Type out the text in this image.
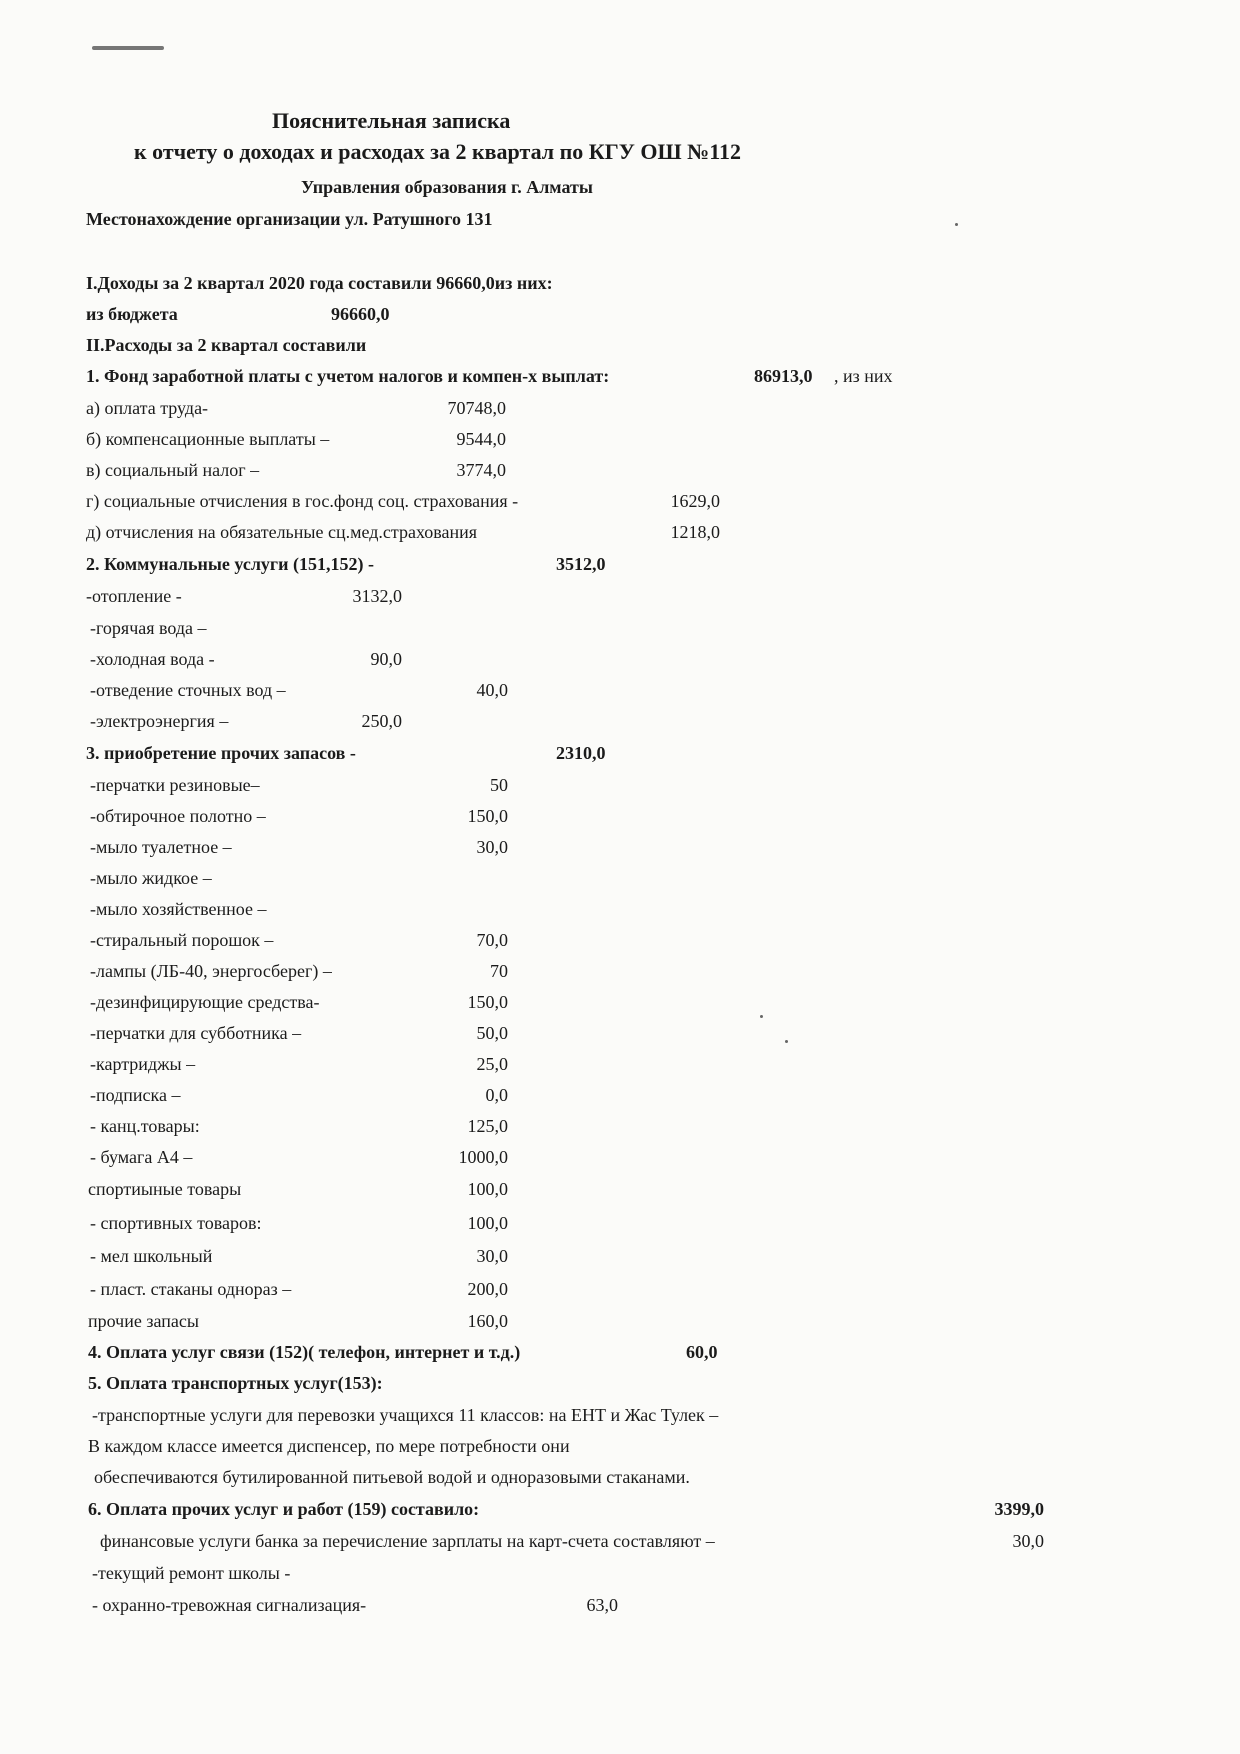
Пояснительная записка
к отчету о доходах и расходах за 2 квартал по КГУ ОШ №112
Управления образования г. Алматы
Местонахождение организации ул. Ратушного 131
I.Доходы за 2 квартал 2020 года составили 96660,0из них:
из бюджета	96660,0
II.Расходы за 2 квартал составили
1. Фонд заработной платы с учетом налогов и компен-х выплат:	86913,0 , из них
а) оплата труда-	70748,0
б) компенсационные выплаты –	9544,0
в) социальный налог –	3774,0
г) социальные отчисления в гос.фонд соц. страхования -	1629,0
д) отчисления на обязательные сц.мед.страхования	1218,0
2. Коммунальные услуги (151,152) -	3512,0
-отопление -	3132,0
-горячая вода –
-холодная вода -	90,0
-отведение сточных вод –	40,0
-электроэнергия –	250,0
3. приобретение прочих запасов -	2310,0
-перчатки резиновые–	50
-обтирочное полотно –	150,0
-мыло туалетное –	30,0
-мыло жидкое –
-мыло хозяйственное –
-стиральный порошок –	70,0
-лампы (ЛБ-40, энергосберег) –	70
-дезинфицирующие средства-	150,0
-перчатки для субботника –	50,0
-картриджы –	25,0
-подписка –	0,0
- канц.товары:	125,0
- бумага А4 –	1000,0
спортиыные товары	100,0
- спортивных товаров:	100,0
- мел школьный	30,0
- пласт. стаканы однораз –	200,0
прочие запасы	160,0
4. Оплата услуг связи (152)( телефон, интернет и т.д.)	60,0
5. Оплата транспортных услуг(153):
-транспортные услуги для перевозки учащихся 11 классов: на ЕНТ и Жас Тулек –
В каждом классе имеется диспенсер, по мере потребности они
обеспечиваются бутилированной питьевой водой и одноразовыми стаканами.
6. Оплата прочих услуг и работ (159) составило:	3399,0
финансовые услуги банка за перечисление зарплаты на карт-счета составляют –	30,0
-текущий ремонт школы -
- охранно-тревожная сигнализация-	63,0
